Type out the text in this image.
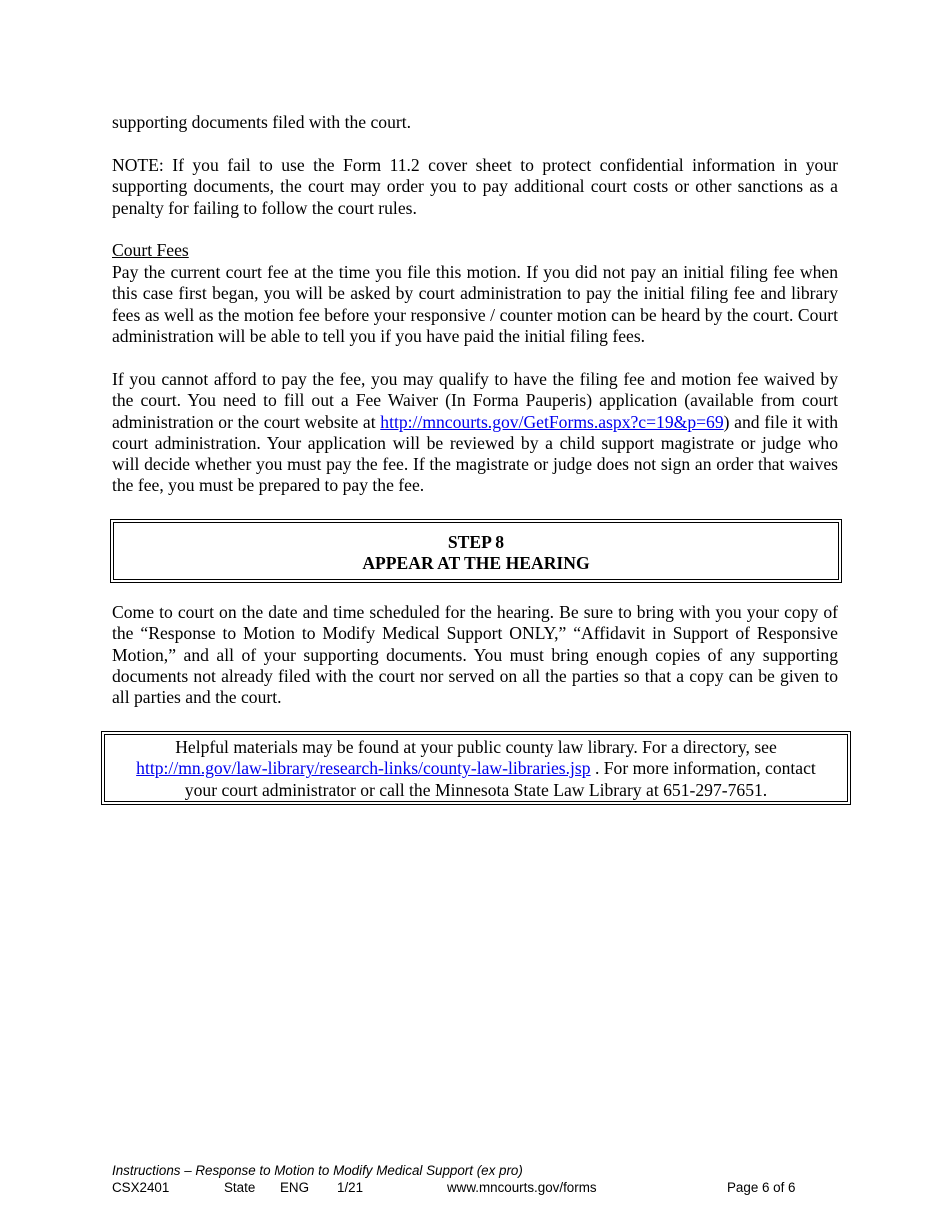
supporting documents filed with the court.

NOTE: If you fail to use the Form 11.2 cover sheet to protect confidential information in your supporting documents, the court may order you to pay additional court costs or other sanctions as a penalty for failing to follow the court rules.

Court Fees

Pay the current court fee at the time you file this motion. If you did not pay an initial filing fee when this case first began, you will be asked by court administration to pay the initial filing fee and library fees as well as the motion fee before your responsive / counter motion can be heard by the court. Court administration will be able to tell you if you have paid the initial filing fees.

If you cannot afford to pay the fee, you may qualify to have the filing fee and motion fee waived by the court. You need to fill out a Fee Waiver (In Forma Pauperis) application (available from court administration or the court website at http://mncourts.gov/GetForms.aspx?c=19&p=69) and file it with court administration. Your application will be reviewed by a child support magistrate or judge who will decide whether you must pay the fee. If the magistrate or judge does not sign an order that waives the fee, you must be prepared to pay the fee.

STEP 8
APPEAR AT THE HEARING

Come to court on the date and time scheduled for the hearing. Be sure to bring with you your copy of the “Response to Motion to Modify Medical Support ONLY,” “Affidavit in Support of Responsive Motion,” and all of your supporting documents. You must bring enough copies of any supporting documents not already filed with the court nor served on all the parties so that a copy can be given to all parties and the court.

Helpful materials may be found at your public county law library. For a directory, see
http://mn.gov/law-library/research-links/county-law-libraries.jsp . For more information, contact
your court administrator or call the Minnesota State Law Library at 651-297-7651.
Instructions – Response to Motion to Modify Medical Support (ex pro)
CSX2401	State ENG 1/21	www.mncourts.gov/forms	Page 6 of 6
